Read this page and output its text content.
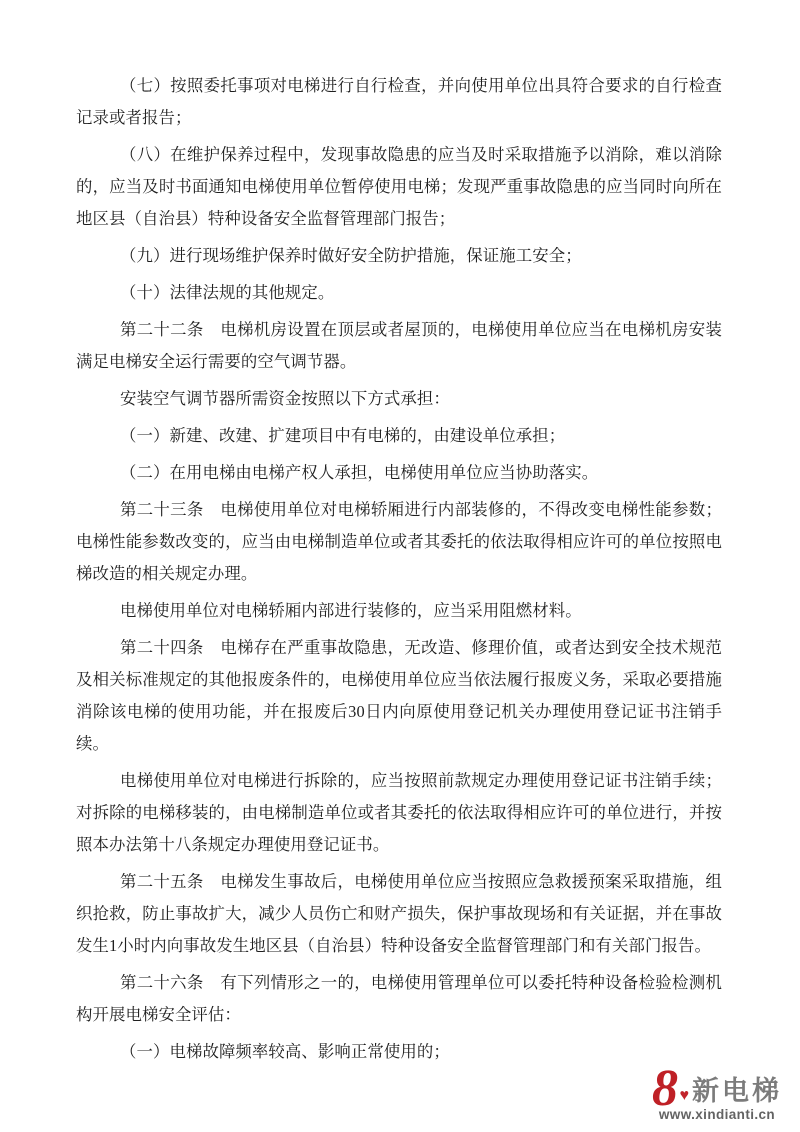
（七）按照委托事项对电梯进行自行检查，并向使用单位出具符合要求的自行检查记录或者报告；

（八）在维护保养过程中，发现事故隐患的应当及时采取措施予以消除，难以消除的，应当及时书面通知电梯使用单位暂停使用电梯；发现严重事故隐患的应当同时向所在地区县（自治县）特种设备安全监督管理部门报告；

（九）进行现场维护保养时做好安全防护措施，保证施工安全；

（十）法律法规的其他规定。

第二十二条　电梯机房设置在顶层或者屋顶的，电梯使用单位应当在电梯机房安装满足电梯安全运行需要的空气调节器。

安装空气调节器所需资金按照以下方式承担：

（一）新建、改建、扩建项目中有电梯的，由建设单位承担；

（二）在用电梯由电梯产权人承担，电梯使用单位应当协助落实。

第二十三条　电梯使用单位对电梯轿厢进行内部装修的，不得改变电梯性能参数；电梯性能参数改变的，应当由电梯制造单位或者其委托的依法取得相应许可的单位按照电梯改造的相关规定办理。

电梯使用单位对电梯轿厢内部进行装修的，应当采用阻燃材料。

第二十四条　电梯存在严重事故隐患，无改造、修理价值，或者达到安全技术规范及相关标准规定的其他报废条件的，电梯使用单位应当依法履行报废义务，采取必要措施消除该电梯的使用功能，并在报废后30日内向原使用登记机关办理使用登记证书注销手续。

电梯使用单位对电梯进行拆除的，应当按照前款规定办理使用登记证书注销手续；对拆除的电梯移装的，由电梯制造单位或者其委托的依法取得相应许可的单位进行，并按照本办法第十八条规定办理使用登记证书。

第二十五条　电梯发生事故后，电梯使用单位应当按照应急救援预案采取措施，组织抢救，防止事故扩大，减少人员伤亡和财产损失，保护事故现场和有关证据，并在事故发生1小时内向事故发生地区县（自治县）特种设备安全监督管理部门和有关部门报告。

第二十六条　有下列情形之一的，电梯使用管理单位可以委托特种设备检验检测机构开展电梯安全评估：

（一）电梯故障频率较高、影响正常使用的；

8 ♥ 新电梯
www.xindianti.cn
